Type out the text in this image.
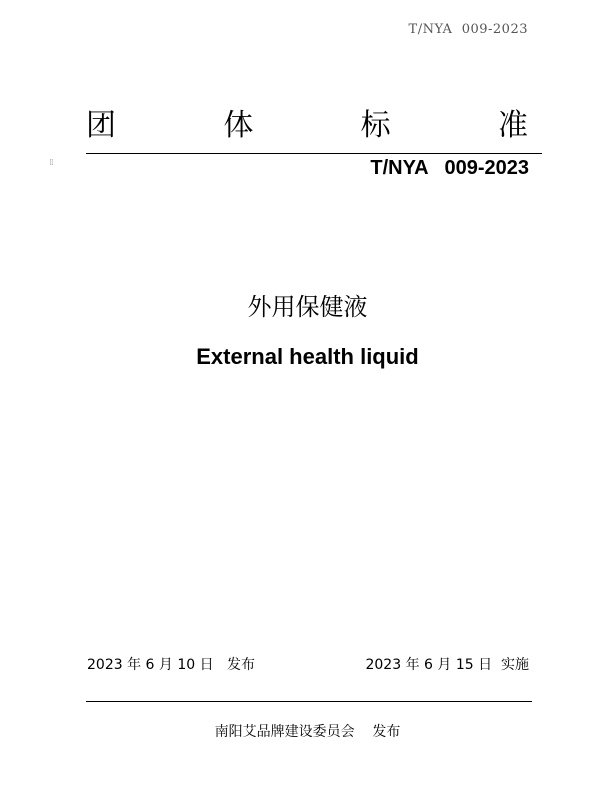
T/NYA  009-2023
团	体	标	准
⁞⁞	T/NYA   009-2023
外用保健液
External health liquid
2023 年 6 月 10 日   发布	2023 年 6 月 15 日  实施
南阳艾品牌建设委员会    发布
